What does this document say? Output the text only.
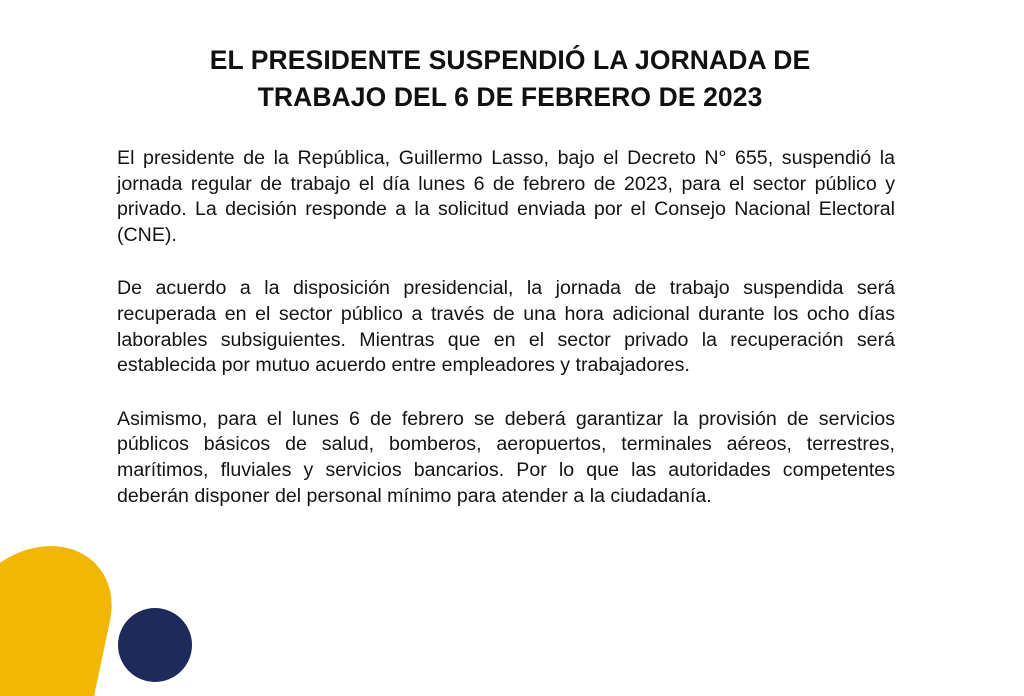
EL PRESIDENTE SUSPENDIÓ LA JORNADA DE
TRABAJO DEL 6 DE FEBRERO DE 2023

El presidente de la República, Guillermo Lasso, bajo el Decreto N° 655, suspendió la jornada regular de trabajo el día lunes 6 de febrero de 2023, para el sector público y privado. La decisión responde a la solicitud enviada por el Consejo Nacional Electoral (CNE).

De acuerdo a la disposición presidencial, la jornada de trabajo suspendida será recuperada en el sector público a través de una hora adicional durante los ocho días laborables subsiguientes. Mientras que en el sector privado la recuperación será establecida por mutuo acuerdo entre empleadores y trabajadores.

Asimismo, para el lunes 6 de febrero se deberá garantizar la provisión de servicios públicos básicos de salud, bomberos, aeropuertos, terminales aéreos, terrestres, marítimos, fluviales y servicios bancarios. Por lo que las autoridades competentes deberán disponer del personal mínimo para atender a la ciudadanía.
